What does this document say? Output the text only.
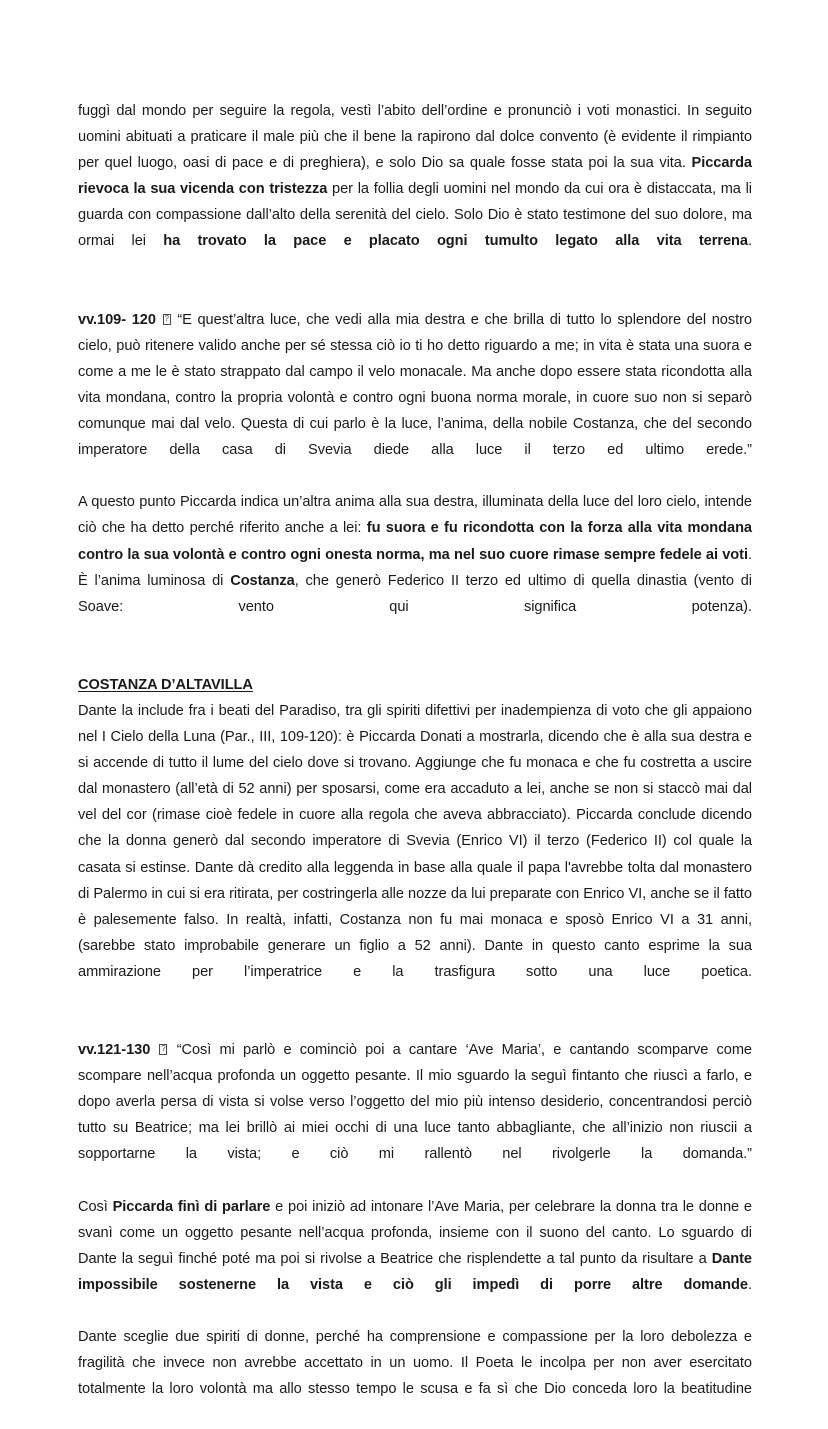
fuggì dal mondo per seguire la regola, vestì l’abito dell’ordine e pronunciò i voti monastici. In seguito uomini abituati a praticare il male più che il bene la rapirono dal dolce convento (è evidente il rimpianto per quel luogo, oasi di pace e di preghiera), e solo Dio sa quale fosse stata poi la sua vita. Piccarda rievoca la sua vicenda con tristezza per la follia degli uomini nel mondo da cui ora è distaccata, ma li guarda con compassione dall’alto della serenità del cielo. Solo Dio è stato testimone del suo dolore, ma ormai lei ha trovato la pace e placato ogni tumulto legato alla vita terrena.

vv.109- 120 ? “E quest’altra luce, che vedi alla mia destra e che brilla di tutto lo splendore del nostro cielo, può ritenere valido anche per sé stessa ciò io ti ho detto riguardo a me; in vita è stata una suora e come a me le è stato strappato dal campo il velo monacale. Ma anche dopo essere stata ricondotta alla vita mondana, contro la propria volontà e contro ogni buona norma morale, in cuore suo non si separò comunque mai dal velo. Questa di cui parlo è la luce, l’anima, della nobile Costanza, che del secondo imperatore della casa di Svevia diede alla luce il terzo ed ultimo erede.”

A questo punto Piccarda indica un’altra anima alla sua destra, illuminata della luce del loro cielo, intende ciò che ha detto perché riferito anche a lei: fu suora e fu ricondotta con la forza alla vita mondana contro la sua volontà e contro ogni onesta norma, ma nel suo cuore rimase sempre fedele ai voti. È l’anima luminosa di Costanza, che generò Federico II terzo ed ultimo di quella dinastia (vento di Soave: vento qui significa potenza).

COSTANZA D’ALTAVILLA

Dante la include fra i beati del Paradiso, tra gli spiriti difettivi per inadempienza di voto che gli appaiono nel I Cielo della Luna (Par., III, 109-120): è Piccarda Donati a mostrarla, dicendo che è alla sua destra e si accende di tutto il lume del cielo dove si trovano. Aggiunge che fu monaca e che fu costretta a uscire dal monastero (all’età di 52 anni) per sposarsi, come era accaduto a lei, anche se non si staccò mai dal vel del cor (rimase cioè fedele in cuore alla regola che aveva abbracciato). Piccarda conclude dicendo che la donna generò dal secondo imperatore di Svevia (Enrico VI) il terzo (Federico II) col quale la casata si estinse. Dante dà credito alla leggenda in base alla quale il papa l'avrebbe tolta dal monastero di Palermo in cui si era ritirata, per costringerla alle nozze da lui preparate con Enrico VI, anche se il fatto è palesemente falso. In realtà, infatti, Costanza non fu mai monaca e sposò Enrico VI a 31 anni, (sarebbe stato improbabile generare un figlio a 52 anni). Dante in questo canto esprime la sua ammirazione per l’imperatrice e la trasfigura sotto una luce poetica.

vv.121-130 ? “Così mi parlò e cominciò poi a cantare ‘Ave Maria’, e cantando scomparve come scompare nell’acqua profonda un oggetto pesante. Il mio sguardo la seguì fintanto che riuscì a farlo, e dopo averla persa di vista si volse verso l’oggetto del mio più intenso desiderio, concentrandosi perciò tutto su Beatrice; ma lei brillò ai miei occhi di una luce tanto abbagliante, che all’inizio non riuscii a sopportarne la vista; e ciò mi rallentò nel rivolgerle la domanda.”

Così Piccarda finì di parlare e poi iniziò ad intonare l’Ave Maria, per celebrare la donna tra le donne e svanì come un oggetto pesante nell’acqua profonda, insieme con il suono del canto. Lo sguardo di Dante la seguì finché poté ma poi si rivolse a Beatrice che risplendette a tal punto da risultare a Dante impossibile sostenerne la vista e ciò gli impedì di porre altre domande.

Dante sceglie due spiriti di donne, perché ha comprensione e compassione per la loro debolezza e fragilità che invece non avrebbe accettato in un uomo. Il Poeta le incolpa per non aver esercitato totalmente la loro volontà ma allo stesso tempo le scusa e fa sì che Dio conceda loro la beatitudine
